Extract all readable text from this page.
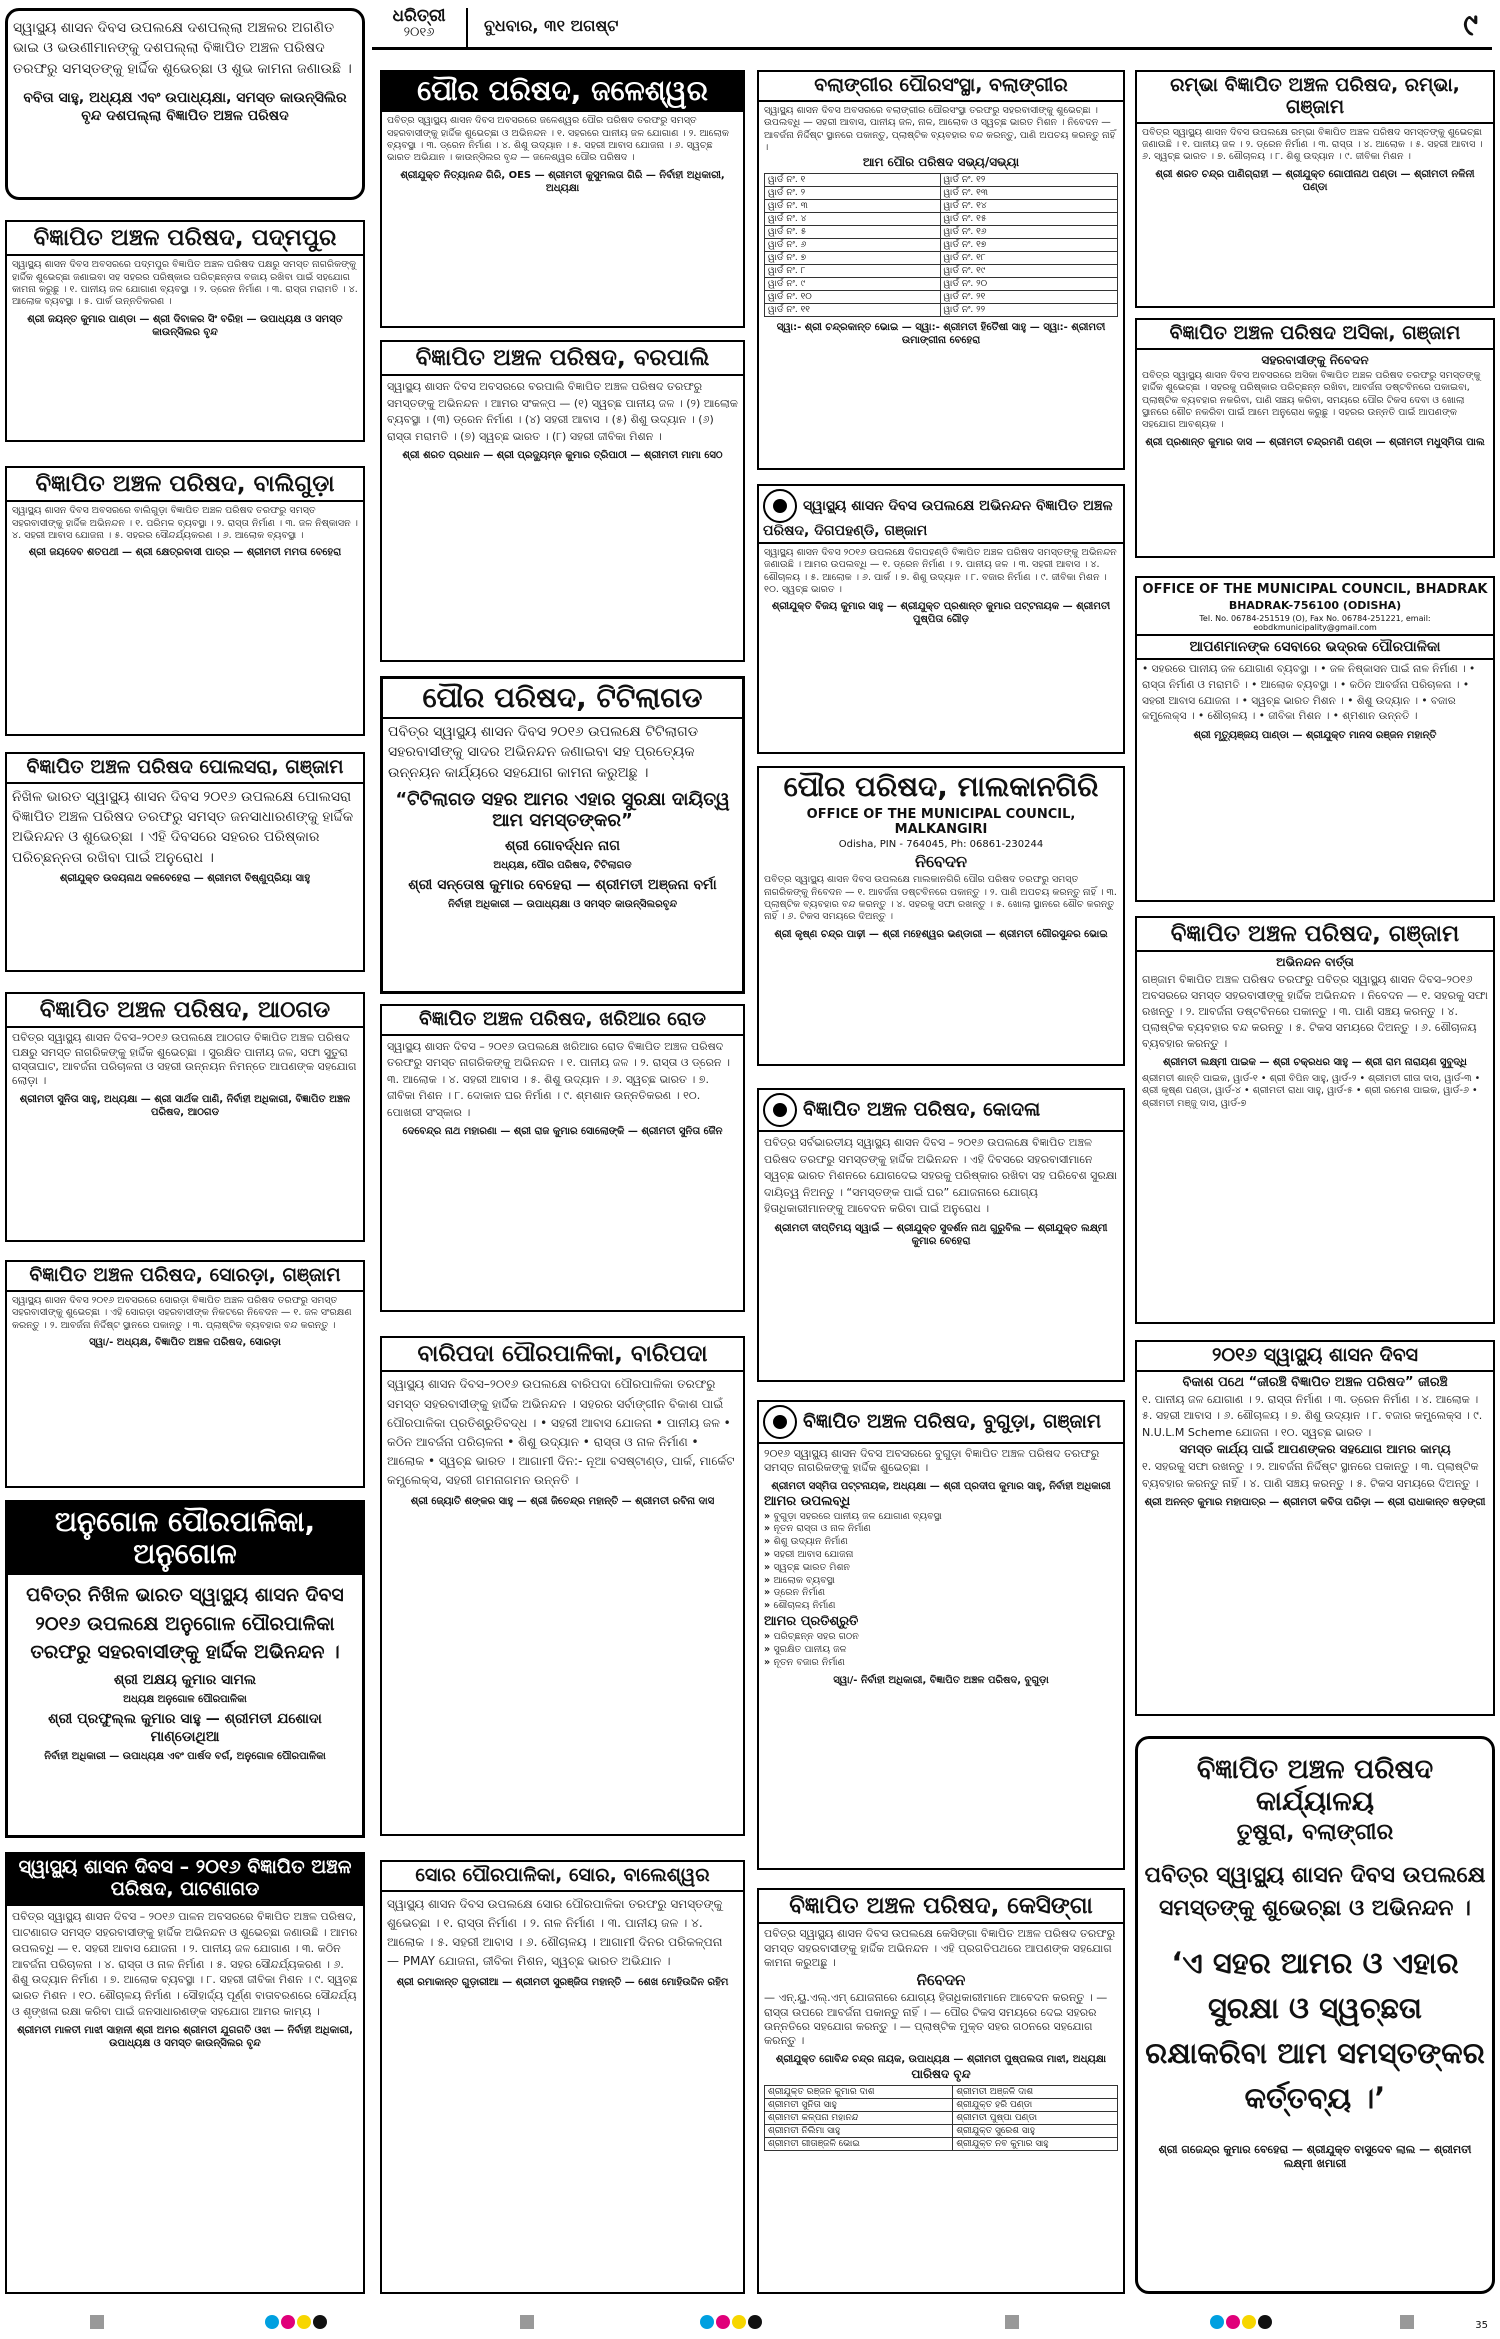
ଧରିତ୍ରୀ
୨୦୧୬	ବୁଧବାର, ୩୧ ଅଗଷ୍ଟ	୯
ସ୍ୱାସ୍ଥ୍ୟ ଶାସନ ଦିବସ ଉପଲକ୍ଷେ ଦଶପଲ୍ଲା ଅଞ୍ଚଳର ଅଗଣିତ ଭାଇ ଓ ଭଉଣୀମାନଙ୍କୁ ଦଶପଲ୍ଲା ବିଜ୍ଞାପିତ ଅଞ୍ଚଳ ପରିଷଦ ତରଫରୁ ସମସ୍ତଙ୍କୁ ହାର୍ଦ୍ଦିକ ଶୁଭେଚ୍ଛା ଓ ଶୁଭ କାମନା ଜଣାଉଛି ।
ବବିତା ସାହୁ, ଅଧ୍ୟକ୍ଷ ଏବଂ ଉପାଧ୍ୟକ୍ଷା, ସମସ୍ତ କାଉନ୍ସିଲିର ବୃନ୍ଦ ଦଶପଲ୍ଲା ବିଜ୍ଞାପିତ ଅଞ୍ଚଳ ପରିଷଦ
ବିଜ୍ଞାପିତ ଅଞ୍ଚଳ ପରିଷଦ, ପଦ୍ମପୁର
ସ୍ୱାସ୍ଥ୍ୟ ଶାସନ ଦିବସ ଅବସରରେ ପଦ୍ମପୁର ବିଜ୍ଞାପିତ ଅଞ୍ଚଳ ପରିଷଦ ପକ୍ଷରୁ ସମସ୍ତ ନାଗରିକଙ୍କୁ ହାର୍ଦ୍ଦିକ ଶୁଭେଚ୍ଛା ଜଣାଇବା ସହ ସହରର ପରିଷ୍କାର ପରିଚ୍ଛନ୍ନତା ବଜାୟ ରଖିବା ପାଇଁ ସହଯୋଗ କାମନା କରୁଛୁ । ୧. ପାନୀୟ ଜଳ ଯୋଗାଣ ବ୍ୟବସ୍ଥା । ୨. ଡ୍ରେନ ନିର୍ମାଣ । ୩. ରାସ୍ତା ମରାମତି । ୪. ଆଲୋକ ବ୍ୟବସ୍ଥା । ୫. ପାର୍କ ଉନ୍ନତିକରଣ ।
ଶ୍ରୀ ଜୟନ୍ତ କୁମାର ପାଣ୍ଡା — ଶ୍ରୀ ଦିବାକର ସିଂ ବରିହା — ଉପାଧ୍ୟକ୍ଷ ଓ ସମସ୍ତ କାଉନ୍ସିଲର ବୃନ୍ଦ
ବିଜ୍ଞାପିତ ଅଞ୍ଚଳ ପରିଷଦ, ବାଲିଗୁଡ଼ା
ସ୍ୱାସ୍ଥ୍ୟ ଶାସନ ଦିବସ ଅବସରରେ ବାଲିଗୁଡ଼ା ବିଜ୍ଞାପିତ ଅଞ୍ଚଳ ପରିଷଦ ତରଫରୁ ସମସ୍ତ ସହରବାସୀଙ୍କୁ ହାର୍ଦ୍ଦିକ ଅଭିନନ୍ଦନ । ୧. ପରିମଳ ବ୍ୟବସ୍ଥା । ୨. ରାସ୍ତା ନିର୍ମାଣ । ୩. ଜଳ ନିଷ୍କାସନ । ୪. ସହରୀ ଆବାସ ଯୋଜନା । ୫. ସହରର ସୌନ୍ଦର୍ଯ୍ୟକରଣ । ୬. ଆଲୋକ ବ୍ୟବସ୍ଥା ।
ଶ୍ରୀ ଜୟଦେବ ଶତପଥୀ — ଶ୍ରୀ କ୍ଷେତ୍ରବାସୀ ପାତ୍ର — ଶ୍ରୀମତୀ ମମତା ବେହେରା
ବିଜ୍ଞାପିତ ଅଞ୍ଚଳ ପରିଷଦ ପୋଲସରା, ଗଞ୍ଜାମ
ନିଖିଳ ଭାରତ ସ୍ୱାସ୍ଥ୍ୟ ଶାସନ ଦିବସ ୨୦୧୬ ଉପଲକ୍ଷେ ପୋଲସରା ବିଜ୍ଞାପିତ ଅଞ୍ଚଳ ପରିଷଦ ତରଫରୁ ସମସ୍ତ ଜନସାଧାରଣଙ୍କୁ ହାର୍ଦ୍ଦିକ ଅଭିନନ୍ଦନ ଓ ଶୁଭେଚ୍ଛା । ଏହି ଦିବସରେ ସହରର ପରିଷ୍କାର ପରିଚ୍ଛନ୍ନତା ରଖିବା ପାଇଁ ଅନୁରୋଧ ।
ଶ୍ରୀଯୁକ୍ତ ଉଦୟନାଥ ଦଳବେହେରା — ଶ୍ରୀମତୀ ବିଷ୍ଣୁପ୍ରିୟା ସାହୁ
ବିଜ୍ଞାପିତ ଅଞ୍ଚଳ ପରିଷଦ, ଆଠଗଡ
ପବିତ୍ର ସ୍ୱାସ୍ଥ୍ୟ ଶାସନ ଦିବସ–୨୦୧୬ ଉପଲକ୍ଷେ ଆଠଗଡ ବିଜ୍ଞାପିତ ଅଞ୍ଚଳ ପରିଷଦ ପକ୍ଷରୁ ସମସ୍ତ ନାଗରିକଙ୍କୁ ହାର୍ଦ୍ଦିକ ଶୁଭେଚ୍ଛା । ସୁରକ୍ଷିତ ପାନୀୟ ଜଳ, ସଫା ସୁତୁରା ରାସ୍ତାଘାଟ, ଆବର୍ଜନା ପରିଚାଳନା ଓ ସହରୀ ଉନ୍ନୟନ ନିମନ୍ତେ ଆପଣଙ୍କ ସହଯୋଗ ଲୋଡ଼ା ।
ଶ୍ରୀମତୀ ସୁନିତା ସାହୁ, ଅଧ୍ୟକ୍ଷା — ଶ୍ରୀ ସାର୍ଥକ ପାଣି, ନିର୍ବାହୀ ଅଧିକାରୀ, ବିଜ୍ଞାପିତ ଅଞ୍ଚଳ ପରିଷଦ, ଆଠଗଡ
ବିଜ୍ଞାପିତ ଅଞ୍ଚଳ ପରିଷଦ, ସୋରଡ଼ା, ଗଞ୍ଜାମ
ସ୍ୱାସ୍ଥ୍ୟ ଶାସନ ଦିବସ ୨୦୧୬ ଅବସରରେ ସୋରଡ଼ା ବିଜ୍ଞାପିତ ଅଞ୍ଚଳ ପରିଷଦ ତରଫରୁ ସମସ୍ତ ସହରବାସୀଙ୍କୁ ଶୁଭେଚ୍ଛା । ଏହି ସୋରଡ଼ା ସହରବାସୀଙ୍କ ନିକଟରେ ନିବେଦନ — ୧. ଜଳ ସଂରକ୍ଷଣ କରନ୍ତୁ । ୨. ଆବର୍ଜନା ନିର୍ଦ୍ଦିଷ୍ଟ ସ୍ଥାନରେ ପକାନ୍ତୁ । ୩. ପ୍ଲାଷ୍ଟିକ ବ୍ୟବହାର ବନ୍ଦ କରନ୍ତୁ ।
ସ୍ୱା/- ଅଧ୍ୟକ୍ଷ, ବିଜ୍ଞାପିତ ଅଞ୍ଚଳ ପରିଷଦ, ସୋରଡ଼ା
ଅନୁଗୋଳ ପୌରପାଳିକା, ଅନୁଗୋଳ
ପବିତ୍ର ନିଖିଳ ଭାରତ ସ୍ୱାସ୍ଥ୍ୟ ଶାସନ ଦିବସ ୨୦୧୬ ଉପଲକ୍ଷେ ଅନୁଗୋଳ ପୌରପାଳିକା ତରଫରୁ ସହରବାସୀଙ୍କୁ ହାର୍ଦ୍ଦିକ ଅଭିନନ୍ଦନ ।
ଶ୍ରୀ ଅକ୍ଷୟ କୁମାର ସାମଲ
ଅଧ୍ୟକ୍ଷ ଅନୁଗୋଳ ପୌରପାଳିକା
ଶ୍ରୀ ପ୍ରଫୁଲ୍ଲ କୁମାର ସାହୁ — ଶ୍ରୀମତୀ ଯଶୋଦା ମାଣ୍ଡୋଥିଆ
ନିର୍ବାହୀ ଅଧିକାରୀ — ଉପାଧ୍ୟକ୍ଷ ଏବଂ ପାର୍ଷଦ ବର୍ଗ, ଅନୁଗୋଳ ପୌରପାଳିକା
ସ୍ୱାସ୍ଥ୍ୟ ଶାସନ ଦିବସ – ୨୦୧୬ ବିଜ୍ଞାପିତ ଅଞ୍ଚଳ ପରିଷଦ, ପାଟଣାଗଡ
ପବିତ୍ର ସ୍ୱାସ୍ଥ୍ୟ ଶାସନ ଦିବସ – ୨୦୧୬ ପାଳନ ଅବସରରେ ବିଜ୍ଞାପିତ ଅଞ୍ଚଳ ପରିଷଦ, ପାଟଣାଗଡ ସମସ୍ତ ସହରବାସୀଙ୍କୁ ହାର୍ଦ୍ଦିକ ଅଭିନନ୍ଦନ ଓ ଶୁଭେଚ୍ଛା ଜଣାଉଛି । ଆମର ଉପଲବ୍ଧି — ୧. ସହରୀ ଆବାସ ଯୋଜନା । ୨. ପାନୀୟ ଜଳ ଯୋଗାଣ । ୩. କଠିନ ଆବର୍ଜନା ପରିଚାଳନା । ୪. ରାସ୍ତା ଓ ନାଳ ନିର୍ମାଣ । ୫. ସହର ସୌନ୍ଦର୍ଯ୍ୟକରଣ । ୬. ଶିଶୁ ଉଦ୍ୟାନ ନିର୍ମାଣ । ୭. ଆଲୋକ ବ୍ୟବସ୍ଥା । ୮. ସହରୀ ଜୀବିକା ମିଶନ । ୯. ସ୍ୱଚ୍ଛ ଭାରତ ମିଶନ । ୧୦. ଶୌଚାଳୟ ନିର୍ମାଣ । ସୌହାର୍ଦ୍ଦ୍ୟ ପୂର୍ଣ୍ଣ ବାତାବରଣରେ ସୌନ୍ଦର୍ଯ୍ୟ ଓ ଶୃଙ୍ଖଳା ରକ୍ଷା କରିବା ପାଇଁ ଜନସାଧାରଣଙ୍କ ସହଯୋଗ ଆମର କାମ୍ୟ ।
ଶ୍ରୀମତୀ ମାଳତୀ ମାଝୀ ସାହାନୀ ଶ୍ରୀ ଅମର ଶ୍ରୀମତୀ ଯୁଗଗତି ଓଝା — ନିର୍ବାହୀ ଅଧିକାରୀ, ଉପାଧ୍ୟକ୍ଷ ଓ ସମସ୍ତ କାଉନ୍ସିଲର ବୃନ୍ଦ
ପୌର ପରିଷଦ, ଜଳେଶ୍ୱର
ପବିତ୍ର ସ୍ୱାସ୍ଥ୍ୟ ଶାସନ ଦିବସ ଅବସରରେ ଜଳେଶ୍ୱର ପୌର ପରିଷଦ ତରଫରୁ ସମସ୍ତ ସହରବାସୀଙ୍କୁ ହାର୍ଦ୍ଦିକ ଶୁଭେଚ୍ଛା ଓ ଅଭିନନ୍ଦନ । ୧. ସହରରେ ପାନୀୟ ଜଳ ଯୋଗାଣ । ୨. ଆଲୋକ ବ୍ୟବସ୍ଥା । ୩. ଡ୍ରେନ ନିର୍ମାଣ । ୪. ଶିଶୁ ଉଦ୍ୟାନ । ୫. ସହରୀ ଆବାସ ଯୋଜନା । ୬. ସ୍ୱଚ୍ଛ ଭାରତ ଅଭିଯାନ । କାଉନ୍ସିଲର ବୃନ୍ଦ — ଜଳେଶ୍ୱର ପୌର ପରିଷଦ ।
ଶ୍ରୀଯୁକ୍ତ ନିତ୍ୟାନନ୍ଦ ଗିରି, OES — ଶ୍ରୀମତୀ କୁସୁମଲତା ଗିରି — ନିର୍ବାହୀ ଅଧିକାରୀ, ଅଧ୍ୟକ୍ଷା
ବିଜ୍ଞାପିତ ଅଞ୍ଚଳ ପରିଷଦ, ବରପାଲି
ସ୍ୱାସ୍ଥ୍ୟ ଶାସନ ଦିବସ ଅବସରରେ ବରପାଲି ବିଜ୍ଞାପିତ ଅଞ୍ଚଳ ପରିଷଦ ତରଫରୁ ସମସ୍ତଙ୍କୁ ଅଭିନନ୍ଦନ । ଆମର ସଂକଳ୍ପ — (୧) ସ୍ୱଚ୍ଛ ପାନୀୟ ଜଳ । (୨) ଆଲୋକ ବ୍ୟବସ୍ଥା । (୩) ଡ୍ରେନ ନିର୍ମାଣ । (୪) ସହରୀ ଆବାସ । (୫) ଶିଶୁ ଉଦ୍ୟାନ । (୬) ରାସ୍ତା ମରାମତି । (୭) ସ୍ୱଚ୍ଛ ଭାରତ । (୮) ସହରୀ ଜୀବିକା ମିଶନ ।
ଶ୍ରୀ ଶରତ ପ୍ରଧାନ — ଶ୍ରୀ ପ୍ରଦ୍ୟୁମ୍ନ କୁମାର ତ୍ରିପାଠୀ — ଶ୍ରୀମତୀ ମାମା ସେଠ
ପୌର ପରିଷଦ, ଟିଟିଲାଗଡ
ପବିତ୍ର ସ୍ୱାସ୍ଥ୍ୟ ଶାସନ ଦିବସ ୨୦୧୬ ଉପଲକ୍ଷେ ଟିଟିଲାଗଡ ସହରବାସୀଙ୍କୁ ସାଦର ଅଭିନନ୍ଦନ ଜଣାଇବା ସହ ପ୍ରତ୍ୟେକ ଉନ୍ନୟନ କାର୍ଯ୍ୟରେ ସହଯୋଗ କାମନା କରୁଅଛୁ ।
“ଟିଟିଲାଗଡ ସହର ଆମର ଏହାର ସୁରକ୍ଷା ଦାୟିତ୍ୱ ଆମ ସମସ୍ତଙ୍କର”
ଶ୍ରୀ ଗୋବର୍ଦ୍ଧନ ନାଗ
ଅଧ୍ୟକ୍ଷ, ପୌର ପରିଷଦ, ଟିଟିଲାଗଡ
ଶ୍ରୀ ସନ୍ତୋଷ କୁମାର ବେହେରା — ଶ୍ରୀମତୀ ଅଞ୍ଜନା ବର୍ମା
ନିର୍ବାହୀ ଅଧିକାରୀ — ଉପାଧ୍ୟକ୍ଷା ଓ ସମସ୍ତ କାଉନ୍ସିଲରବୃନ୍ଦ
ବିଜ୍ଞାପିତ ଅଞ୍ଚଳ ପରିଷଦ, ଖରିଆର ରୋଡ
ସ୍ୱାସ୍ଥ୍ୟ ଶାସନ ଦିବସ – ୨୦୧୬ ଉପଲକ୍ଷେ ଖରିଆର ରୋଡ ବିଜ୍ଞାପିତ ଅଞ୍ଚଳ ପରିଷଦ ତରଫରୁ ସମସ୍ତ ନାଗରିକଙ୍କୁ ଅଭିନନ୍ଦନ । ୧. ପାନୀୟ ଜଳ । ୨. ରାସ୍ତା ଓ ଡ୍ରେନ । ୩. ଆଲୋକ । ୪. ସହରୀ ଆବାସ । ୫. ଶିଶୁ ଉଦ୍ୟାନ । ୬. ସ୍ୱଚ୍ଛ ଭାରତ । ୭. ଜୀବିକା ମିଶନ । ୮. ଦୋକାନ ଘର ନିର୍ମାଣ । ୯. ଶ୍ମଶାନ ଉନ୍ନତିକରଣ । ୧୦. ପୋଖରୀ ସଂସ୍କାର ।
ଦେବେନ୍ଦ୍ର ନାଥ ମହାରଣା — ଶ୍ରୀ ରାଜ କୁମାର ସୋଲୋଙ୍କି — ଶ୍ରୀମତୀ ସୁନିତା ଜୈନ
ବାରିପଦା ପୌରପାଳିକା, ବାରିପଦା
ସ୍ୱାସ୍ଥ୍ୟ ଶାସନ ଦିବସ–୨୦୧୬ ଉପଲକ୍ଷେ ବାରିପଦା ପୌରପାଳିକା ତରଫରୁ ସମସ୍ତ ସହରବାସୀଙ୍କୁ ହାର୍ଦ୍ଦିକ ଅଭିନନ୍ଦନ । ସହରର ସର୍ବାଙ୍ଗୀନ ବିକାଶ ପାଇଁ ପୌରପାଳିକା ପ୍ରତିଶ୍ରୁତିବଦ୍ଧ । • ସହରୀ ଆବାସ ଯୋଜନା • ପାନୀୟ ଜଳ • କଠିନ ଆବର୍ଜନା ପରିଚାଳନା • ଶିଶୁ ଉଦ୍ୟାନ • ରାସ୍ତା ଓ ନାଳ ନିର୍ମାଣ • ଆଲୋକ • ସ୍ୱଚ୍ଛ ଭାରତ । ଆଗାମୀ ଦିନ:- ନୂଆ ବସଷ୍ଟାଣ୍ଡ, ପାର୍କ, ମାର୍କେଟ କମ୍ପ୍ଲେକ୍ସ, ସହରୀ ଗମନାଗମନ ଉନ୍ନତି ।
ଶ୍ରୀ ଜ୍ୟୋତି ଶଙ୍କର ସାହୁ — ଶ୍ରୀ ଜିତେନ୍ଦ୍ର ମହାନ୍ତି — ଶ୍ରୀମତୀ ରବିନା ଦାସ
ସୋର ପୌରପାଳିକା, ସୋର, ବାଲେଶ୍ୱର
ସ୍ୱାସ୍ଥ୍ୟ ଶାସନ ଦିବସ ଉପଲକ୍ଷେ ସୋର ପୌରପାଳିକା ତରଫରୁ ସମସ୍ତଙ୍କୁ ଶୁଭେଚ୍ଛା । ୧. ରାସ୍ତା ନିର୍ମାଣ । ୨. ନାଳ ନିର୍ମାଣ । ୩. ପାନୀୟ ଜଳ । ୪. ଆଲୋକ । ୫. ସହରୀ ଆବାସ । ୬. ଶୌଚାଳୟ । ଆଗାମୀ ଦିନର ପରିକଳ୍ପନା — PMAY ଯୋଜନା, ଜୀବିକା ମିଶନ, ସ୍ୱଚ୍ଛ ଭାରତ ଅଭିଯାନ ।
ଶ୍ରୀ ରମାକାନ୍ତ ଗୁଡ଼ାରୀଆ — ଶ୍ରୀମତୀ ସୁରଞ୍ଜିତା ମହାନ୍ତି — ଶେଖ ମୋହିଉଦ୍ଦିନ ରହିମ
ବଲାଙ୍ଗୀର ପୌରସଂସ୍ଥା, ବଲାଙ୍ଗୀର
ସ୍ୱାସ୍ଥ୍ୟ ଶାସନ ଦିବସ ଅବସରରେ ବଲାଙ୍ଗୀର ପୌରସଂସ୍ଥା ତରଫରୁ ସହରବାସୀଙ୍କୁ ଶୁଭେଚ୍ଛା । ଉପଲବ୍ଧି — ସହରୀ ଆବାସ, ପାନୀୟ ଜଳ, ନାଳ, ଆଲୋକ ଓ ସ୍ୱଚ୍ଛ ଭାରତ ମିଶନ । ନିବେଦନ — ଆବର୍ଜନା ନିର୍ଦ୍ଦିଷ୍ଟ ସ୍ଥାନରେ ପକାନ୍ତୁ, ପ୍ଲାଷ୍ଟିକ ବ୍ୟବହାର ବନ୍ଦ କରନ୍ତୁ, ପାଣି ଅପଚୟ କରନ୍ତୁ ନାହିଁ ।
ଆମ ପୌର ପରିଷଦ ସଭ୍ୟ/ସଭ୍ୟା
ୱାର୍ଡ ନଂ. ୧	ୱାର୍ଡ ନଂ. ୧୨
ୱାର୍ଡ ନଂ. ୨	ୱାର୍ଡ ନଂ. ୧୩
ୱାର୍ଡ ନଂ. ୩	ୱାର୍ଡ ନଂ. ୧୪
ୱାର୍ଡ ନଂ. ୪	ୱାର୍ଡ ନଂ. ୧୫
ୱାର୍ଡ ନଂ. ୫	ୱାର୍ଡ ନଂ. ୧୬
ୱାର୍ଡ ନଂ. ୬	ୱାର୍ଡ ନଂ. ୧୭
ୱାର୍ଡ ନଂ. ୭	ୱାର୍ଡ ନଂ. ୧୮
ୱାର୍ଡ ନଂ. ୮	ୱାର୍ଡ ନଂ. ୧୯
ୱାର୍ଡ ନଂ. ୯	ୱାର୍ଡ ନଂ. ୨୦
ୱାର୍ଡ ନଂ. ୧୦	ୱାର୍ଡ ନଂ. ୨୧
ୱାର୍ଡ ନଂ. ୧୧	ୱାର୍ଡ ନଂ. ୨୨
ସ୍ୱା:- ଶ୍ରୀ ଚନ୍ଦ୍ରକାନ୍ତ ଭୋଇ — ସ୍ୱା:- ଶ୍ରୀମତୀ ହିତୈଷୀ ସାହୁ — ସ୍ୱା:- ଶ୍ରୀମତୀ ଉମାଙ୍ଗୀନା ବେହେରା
ସ୍ୱାସ୍ଥ୍ୟ ଶାସନ ଦିବସ ଉପଲକ୍ଷେ ଅଭିନନ୍ଦନ ବିଜ୍ଞାପିତ ଅଞ୍ଚଳ ପରିଷଦ, ଦିଗପହଣ୍ଡି, ଗଞ୍ଜାମ
ସ୍ୱାସ୍ଥ୍ୟ ଶାସନ ଦିବସ ୨୦୧୬ ଉପଲକ୍ଷେ ଦିଗପହଣ୍ଡି ବିଜ୍ଞାପିତ ଅଞ୍ଚଳ ପରିଷଦ ସମସ୍ତଙ୍କୁ ଅଭିନନ୍ଦନ ଜଣାଉଛି । ଆମର ଉପଲବ୍ଧି — ୧. ଡ୍ରେନ ନିର୍ମାଣ । ୨. ପାନୀୟ ଜଳ । ୩. ସହରୀ ଆବାସ । ୪. ଶୌଚାଳୟ । ୫. ଆଲୋକ । ୬. ପାର୍କ । ୭. ଶିଶୁ ଉଦ୍ୟାନ । ୮. ବଜାର ନିର୍ମାଣ । ୯. ଜୀବିକା ମିଶନ । ୧୦. ସ୍ୱଚ୍ଛ ଭାରତ ।
ଶ୍ରୀଯୁକ୍ତ ବିଜୟ କୁମାର ସାହୁ — ଶ୍ରୀଯୁକ୍ତ ପ୍ରଶାନ୍ତ କୁମାର ପଟ୍ଟନାୟକ — ଶ୍ରୀମତୀ ପୁଷ୍ପିତା ଗୌଡ଼
ପୌର ପରିଷଦ, ମାଲକାନଗିରି
OFFICE OF THE MUNICIPAL COUNCIL, MALKANGIRI
Odisha, PIN - 764045, Ph: 06861-230244
ନିବେଦନ
ପବିତ୍ର ସ୍ୱାସ୍ଥ୍ୟ ଶାସନ ଦିବସ ଉପଲକ୍ଷେ ମାଲକାନଗିରି ପୌର ପରିଷଦ ତରଫରୁ ସମସ୍ତ ନାଗରିକଙ୍କୁ ନିବେଦନ — ୧. ଆବର୍ଜନା ଡଷ୍ଟବିନରେ ପକାନ୍ତୁ । ୨. ପାଣି ଅପଚୟ କରନ୍ତୁ ନାହିଁ । ୩. ପ୍ଲାଷ୍ଟିକ ବ୍ୟବହାର ବନ୍ଦ କରନ୍ତୁ । ୪. ସହରକୁ ସଫା ରଖନ୍ତୁ । ୫. ଖୋଲା ସ୍ଥାନରେ ଶୌଚ କରନ୍ତୁ ନାହିଁ । ୬. ଟିକସ ସମୟରେ ଦିଅନ୍ତୁ ।
ଶ୍ରୀ କୃଷ୍ଣ ଚନ୍ଦ୍ର ପାଢ଼ୀ — ଶ୍ରୀ ମହେଶ୍ୱର ଭଣ୍ଡାରୀ — ଶ୍ରୀମତୀ ଗୌରସୁନ୍ଦର ଭୋଇ
ବିଜ୍ଞାପିତ ଅଞ୍ଚଳ ପରିଷଦ, କୋଦଳା
ପବିତ୍ର ସର୍ବଭାରତୀୟ ସ୍ୱାସ୍ଥ୍ୟ ଶାସନ ଦିବସ – ୨୦୧୬ ଉପଲକ୍ଷେ ବିଜ୍ଞାପିତ ଅଞ୍ଚଳ ପରିଷଦ ତରଫରୁ ସମସ୍ତଙ୍କୁ ହାର୍ଦ୍ଦିକ ଅଭିନନ୍ଦନ । ଏହି ଦିବସରେ ସହରବାସୀମାନେ ସ୍ୱଚ୍ଛ ଭାରତ ମିଶନରେ ଯୋଗଦେଇ ସହରକୁ ପରିଷ୍କାର ରଖିବା ସହ ପରିବେଶ ସୁରକ୍ଷା ଦାୟିତ୍ୱ ନିଅନ୍ତୁ । “ସମସ୍ତଙ୍କ ପାଇଁ ଘର” ଯୋଜନାରେ ଯୋଗ୍ୟ ହିତାଧିକାରୀମାନଙ୍କୁ ଆବେଦନ କରିବା ପାଇଁ ଅନୁରୋଧ ।
ଶ୍ରୀମତୀ ଦୀପ୍ତିମୟ ସ୍ୱାଇଁ — ଶ୍ରୀଯୁକ୍ତ ସୁଦର୍ଶନ ନାଥ ଗୁରୁବିଲ — ଶ୍ରୀଯୁକ୍ତ ଲକ୍ଷ୍ମୀ କୁମାର ବେହେରା
ବିଜ୍ଞାପିତ ଅଞ୍ଚଳ ପରିଷଦ, ବୁଗୁଡ଼ା, ଗଞ୍ଜାମ
୨୦୧୬ ସ୍ୱାସ୍ଥ୍ୟ ଶାସନ ଦିବସ ଅବସରରେ ବୁଗୁଡ଼ା ବିଜ୍ଞାପିତ ଅଞ୍ଚଳ ପରିଷଦ ତରଫରୁ ସମସ୍ତ ନାଗରିକଙ୍କୁ ହାର୍ଦ୍ଦିକ ଶୁଭେଚ୍ଛା ।
ଶ୍ରୀମତୀ ସସ୍ମିତା ପଟ୍ଟନାୟକ, ଅଧ୍ୟକ୍ଷା — ଶ୍ରୀ ପ୍ରଦୀପ କୁମାର ସାହୁ, ନିର୍ବାହୀ ଅଧିକାରୀ
ଆମର ଉପଲବ୍ଧି
» ବୁଗୁଡ଼ା ସହରରେ ପାନୀୟ ଜଳ ଯୋଗାଣ ବ୍ୟବସ୍ଥା
» ନୂତନ ରାସ୍ତା ଓ ନାଳ ନିର୍ମାଣ
» ଶିଶୁ ଉଦ୍ୟାନ ନିର୍ମାଣ
» ସହରୀ ଆବାସ ଯୋଜନା
» ସ୍ୱଚ୍ଛ ଭାରତ ମିଶନ
» ଆଲୋକ ବ୍ୟବସ୍ଥା
» ଡ୍ରେନ ନିର୍ମାଣ
» ଶୌଚାଳୟ ନିର୍ମାଣ
ଆମର ପ୍ରତିଶ୍ରୁତି
» ପରିଚ୍ଛନ୍ନ ସହର ଗଠନ
» ସୁରକ୍ଷିତ ପାନୀୟ ଜଳ
» ନୂତନ ବଜାର ନିର୍ମାଣ
ସ୍ୱା/- ନିର୍ବାହୀ ଅଧିକାରୀ, ବିଜ୍ଞାପିତ ଅଞ୍ଚଳ ପରିଷଦ, ବୁଗୁଡ଼ା
ବିଜ୍ଞାପିତ ଅଞ୍ଚଳ ପରିଷଦ, କେସିଙ୍ଗା
ପବିତ୍ର ସ୍ୱାସ୍ଥ୍ୟ ଶାସନ ଦିବସ ଉପଲକ୍ଷେ କେସିଙ୍ଗା ବିଜ୍ଞାପିତ ଅଞ୍ଚଳ ପରିଷଦ ତରଫରୁ ସମସ୍ତ ସହରବାସୀଙ୍କୁ ହାର୍ଦ୍ଦିକ ଅଭିନନ୍ଦନ । ଏହି ପ୍ରଗତିପଥରେ ଆପଣଙ୍କ ସହଯୋଗ କାମନା କରୁଅଛୁ ।
ନିବେଦନ
— ଏନ୍.ୟୁ.ଏଲ୍.ଏମ୍ ଯୋଜନାରେ ଯୋଗ୍ୟ ହିତାଧିକାରୀମାନେ ଆବେଦନ କରନ୍ତୁ । — ରାସ୍ତା ଉପରେ ଆବର୍ଜନା ପକାନ୍ତୁ ନାହିଁ । — ପୌର ଟିକସ ସମୟରେ ଦେଇ ସହରର ଉନ୍ନତିରେ ସହଯୋଗ କରନ୍ତୁ । — ପ୍ଲାଷ୍ଟିକ ମୁକ୍ତ ସହର ଗଠନରେ ସହଯୋଗ କରନ୍ତୁ ।
ଶ୍ରୀଯୁକ୍ତ ଗୋବିନ୍ଦ ଚନ୍ଦ୍ର ନାୟକ, ଉପାଧ୍ୟକ୍ଷ — ଶ୍ରୀମତୀ ପୁଷ୍ପଲତା ମାଝୀ, ଅଧ୍ୟକ୍ଷା
ପାରିଷଦ ବୃନ୍ଦ
ଶ୍ରୀଯୁକ୍ତ ରଞ୍ଜନ କୁମାର ଦାଶ	ଶ୍ରୀମତୀ ଅଞ୍ଜଳି ଦାଶ
ଶ୍ରୀମତୀ ସୁନିତା ସାହୁ	ଶ୍ରୀଯୁକ୍ତ ହରି ପଣ୍ଡା
ଶ୍ରୀମତୀ କଳ୍ପନା ମହାନନ୍ଦ	ଶ୍ରୀମତୀ ପୁଷ୍ପା ପଣ୍ଡା
ଶ୍ରୀମତୀ ନିଲିମା ସାହୁ	ଶ୍ରୀଯୁକ୍ତ ସୁରେଶ ସାହୁ
ଶ୍ରୀମତୀ ଗୀତାଞ୍ଜଳି ଭୋଇ	ଶ୍ରୀଯୁକ୍ତ ନବ କୁମାର ସାହୁ
ରମ୍ଭା ବିଜ୍ଞାପିତ ଅଞ୍ଚଳ ପରିଷଦ, ରମ୍ଭା, ଗଞ୍ଜାମ
ପବିତ୍ର ସ୍ୱାସ୍ଥ୍ୟ ଶାସନ ଦିବସ ଉପଲକ୍ଷେ ରମ୍ଭା ବିଜ୍ଞାପିତ ଅଞ୍ଚଳ ପରିଷଦ ସମସ୍ତଙ୍କୁ ଶୁଭେଚ୍ଛା ଜଣାଉଛି । ୧. ପାନୀୟ ଜଳ । ୨. ଡ୍ରେନ ନିର୍ମାଣ । ୩. ରାସ୍ତା । ୪. ଆଲୋକ । ୫. ସହରୀ ଆବାସ । ୬. ସ୍ୱଚ୍ଛ ଭାରତ । ୭. ଶୌଚାଳୟ । ୮. ଶିଶୁ ଉଦ୍ୟାନ । ୯. ଜୀବିକା ମିଶନ ।
ଶ୍ରୀ ଶରତ ଚନ୍ଦ୍ର ପାଣିଗ୍ରାହୀ — ଶ୍ରୀଯୁକ୍ତ ଗୋପୀନାଥ ପଣ୍ଡା — ଶ୍ରୀମତୀ ନଳିନୀ ପଣ୍ଡା
ବିଜ୍ଞାପିତ ଅଞ୍ଚଳ ପରିଷଦ ଅସିକା, ଗଞ୍ଜାମ
ସହରବାସୀଙ୍କୁ ନିବେଦନ
ପବିତ୍ର ସ୍ୱାସ୍ଥ୍ୟ ଶାସନ ଦିବସ ଅବସରରେ ଅସିକା ବିଜ୍ଞାପିତ ଅଞ୍ଚଳ ପରିଷଦ ତରଫରୁ ସମସ୍ତଙ୍କୁ ହାର୍ଦ୍ଦିକ ଶୁଭେଚ୍ଛା । ସହରକୁ ପରିଷ୍କାର ପରିଚ୍ଛନ୍ନ ରଖିବା, ଆବର୍ଜନା ଡଷ୍ଟବିନରେ ପକାଇବା, ପ୍ଲାଷ୍ଟିକ ବ୍ୟବହାର ନକରିବା, ପାଣି ସଞ୍ଚୟ କରିବା, ସମୟରେ ପୌର ଟିକସ ଦେବା ଓ ଖୋଲା ସ୍ଥାନରେ ଶୌଚ ନକରିବା ପାଇଁ ଆମେ ଅନୁରୋଧ କରୁଛୁ । ସହରର ଉନ୍ନତି ପାଇଁ ଆପଣଙ୍କ ସହଯୋଗ ଆବଶ୍ୟକ ।
ଶ୍ରୀ ପ୍ରଶାନ୍ତ କୁମାର ଦାସ — ଶ୍ରୀମତୀ ଚନ୍ଦ୍ରମଣି ପଣ୍ଡା — ଶ୍ରୀମତୀ ମଧୁସ୍ମିତା ପାଲ
OFFICE OF THE MUNICIPAL COUNCIL, BHADRAK
BHADRAK-756100 (ODISHA)
Tel. No. 06784-251519 (O), Fax No. 06784-251221, email: eobdkmunicipality@gmail.com
ଆପଣମାନଙ୍କ ସେବାରେ ଭଦ୍ରକ ପୌରପାଳିକା
• ସହରରେ ପାନୀୟ ଜଳ ଯୋଗାଣ ବ୍ୟବସ୍ଥା । • ଜଳ ନିଷ୍କାସନ ପାଇଁ ନାଳ ନିର୍ମାଣ । • ରାସ୍ତା ନିର୍ମାଣ ଓ ମରାମତି । • ଆଲୋକ ବ୍ୟବସ୍ଥା । • କଠିନ ଆବର୍ଜନା ପରିଚାଳନା । • ସହରୀ ଆବାସ ଯୋଜନା । • ସ୍ୱଚ୍ଛ ଭାରତ ମିଶନ । • ଶିଶୁ ଉଦ୍ୟାନ । • ବଜାର କମ୍ପ୍ଲେକ୍ସ । • ଶୌଚାଳୟ । • ଜୀବିକା ମିଶନ । • ଶ୍ମଶାନ ଉନ୍ନତି ।
ଶ୍ରୀ ମୃତ୍ୟୁଞ୍ଜୟ ପାଣ୍ଡା — ଶ୍ରୀଯୁକ୍ତ ମାନସ ରଞ୍ଜନ ମହାନ୍ତି
ବିଜ୍ଞାପିତ ଅଞ୍ଚଳ ପରିଷଦ, ଗଞ୍ଜାମ
ଅଭିନନ୍ଦନ ବାର୍ତ୍ତା
ଗଞ୍ଜାମ ବିଜ୍ଞାପିତ ଅଞ୍ଚଳ ପରିଷଦ ତରଫରୁ ପବିତ୍ର ସ୍ୱାସ୍ଥ୍ୟ ଶାସନ ଦିବସ–୨୦୧୬ ଅବସରରେ ସମସ୍ତ ସହରବାସୀଙ୍କୁ ହାର୍ଦ୍ଦିକ ଅଭିନନ୍ଦନ । ନିବେଦନ — ୧. ସହରକୁ ସଫା ରଖନ୍ତୁ । ୨. ଆବର୍ଜନା ଡଷ୍ଟବିନରେ ପକାନ୍ତୁ । ୩. ପାଣି ସଞ୍ଚୟ କରନ୍ତୁ । ୪. ପ୍ଲାଷ୍ଟିକ ବ୍ୟବହାର ବନ୍ଦ କରନ୍ତୁ । ୫. ଟିକସ ସମୟରେ ଦିଅନ୍ତୁ । ୬. ଶୌଚାଳୟ ବ୍ୟବହାର କରନ୍ତୁ ।
ଶ୍ରୀମତୀ ଲକ୍ଷ୍ମୀ ପାଇକ — ଶ୍ରୀ ଚକ୍ରଧର ସାହୁ — ଶ୍ରୀ ରାମ ନାରାୟଣ ସୁବୁଦ୍ଧି
ଶ୍ରୀମତୀ ଶାନ୍ତି ପାଇକ, ୱାର୍ଡ-୧ • ଶ୍ରୀ ବିପିନ ସାହୁ, ୱାର୍ଡ-୨ • ଶ୍ରୀମତୀ ଗୀତା ଦାସ, ୱାର୍ଡ-୩ • ଶ୍ରୀ କୃଷ୍ଣ ପଣ୍ଡା, ୱାର୍ଡ-୪ • ଶ୍ରୀମତୀ ରାଧା ସାହୁ, ୱାର୍ଡ-୫ • ଶ୍ରୀ ରମେଶ ପାଇକ, ୱାର୍ଡ-୬ • ଶ୍ରୀମତୀ ମଞ୍ଜୁ ଦାସ, ୱାର୍ଡ-୭
୨୦୧୬ ସ୍ୱାସ୍ଥ୍ୟ ଶାସନ ଦିବସ
ବିକାଶ ପଥେ “ଜୀରଞ୍ଚି ବିଜ୍ଞାପିତ ଅଞ୍ଚଳ ପରିଷଦ” ଜୀରଞ୍ଚି
୧. ପାନୀୟ ଜଳ ଯୋଗାଣ । ୨. ରାସ୍ତା ନିର୍ମାଣ । ୩. ଡ୍ରେନ ନିର୍ମାଣ । ୪. ଆଲୋକ । ୫. ସହରୀ ଆବାସ । ୬. ଶୌଚାଳୟ । ୭. ଶିଶୁ ଉଦ୍ୟାନ । ୮. ବଜାର କମ୍ପ୍ଲେକ୍ସ । ୯. N.U.L.M Scheme ଯୋଜନା । ୧୦. ସ୍ୱଚ୍ଛ ଭାରତ ।
ସମସ୍ତ କାର୍ଯ୍ୟ ପାଇଁ ଆପଣଙ୍କର ସହଯୋଗ ଆମର କାମ୍ୟ
୧. ସହରକୁ ସଫା ରଖନ୍ତୁ । ୨. ଆବର୍ଜନା ନିର୍ଦ୍ଦିଷ୍ଟ ସ୍ଥାନରେ ପକାନ୍ତୁ । ୩. ପ୍ଲାଷ୍ଟିକ ବ୍ୟବହାର କରନ୍ତୁ ନାହିଁ । ୪. ପାଣି ସଞ୍ଚୟ କରନ୍ତୁ । ୫. ଟିକସ ସମୟରେ ଦିଅନ୍ତୁ ।
ଶ୍ରୀ ଅନନ୍ତ କୁମାର ମହାପାତ୍ର — ଶ୍ରୀମତୀ କବିତା ପରିଡ଼ା — ଶ୍ରୀ ରାଧାକାନ୍ତ ଷଡ଼ଙ୍ଗୀ
ବିଜ୍ଞାପିତ ଅଞ୍ଚଳ ପରିଷଦ କାର୍ଯ୍ୟାଳୟ
ତୁଷୁରା, ବଲାଙ୍ଗୀର
ପବିତ୍ର ସ୍ୱାସ୍ଥ୍ୟ ଶାସନ ଦିବସ ଉପଲକ୍ଷେ ସମସ୍ତଙ୍କୁ ଶୁଭେଚ୍ଛା ଓ ଅଭିନନ୍ଦନ ।
‘ଏ ସହର ଆମର ଓ ଏହାର ସୁରକ୍ଷା ଓ ସ୍ୱଚ୍ଛତା ରକ୍ଷାକରିବା ଆମ ସମସ୍ତଙ୍କର କର୍ତ୍ତବ୍ୟ ।’
ଶ୍ରୀ ଗଜେନ୍ଦ୍ର କୁମାର ବେହେରା — ଶ୍ରୀଯୁକ୍ତ ବାସୁଦେବ ଲାଲ — ଶ୍ରୀମତୀ ଲକ୍ଷ୍ମୀ ଖମାରୀ
35
